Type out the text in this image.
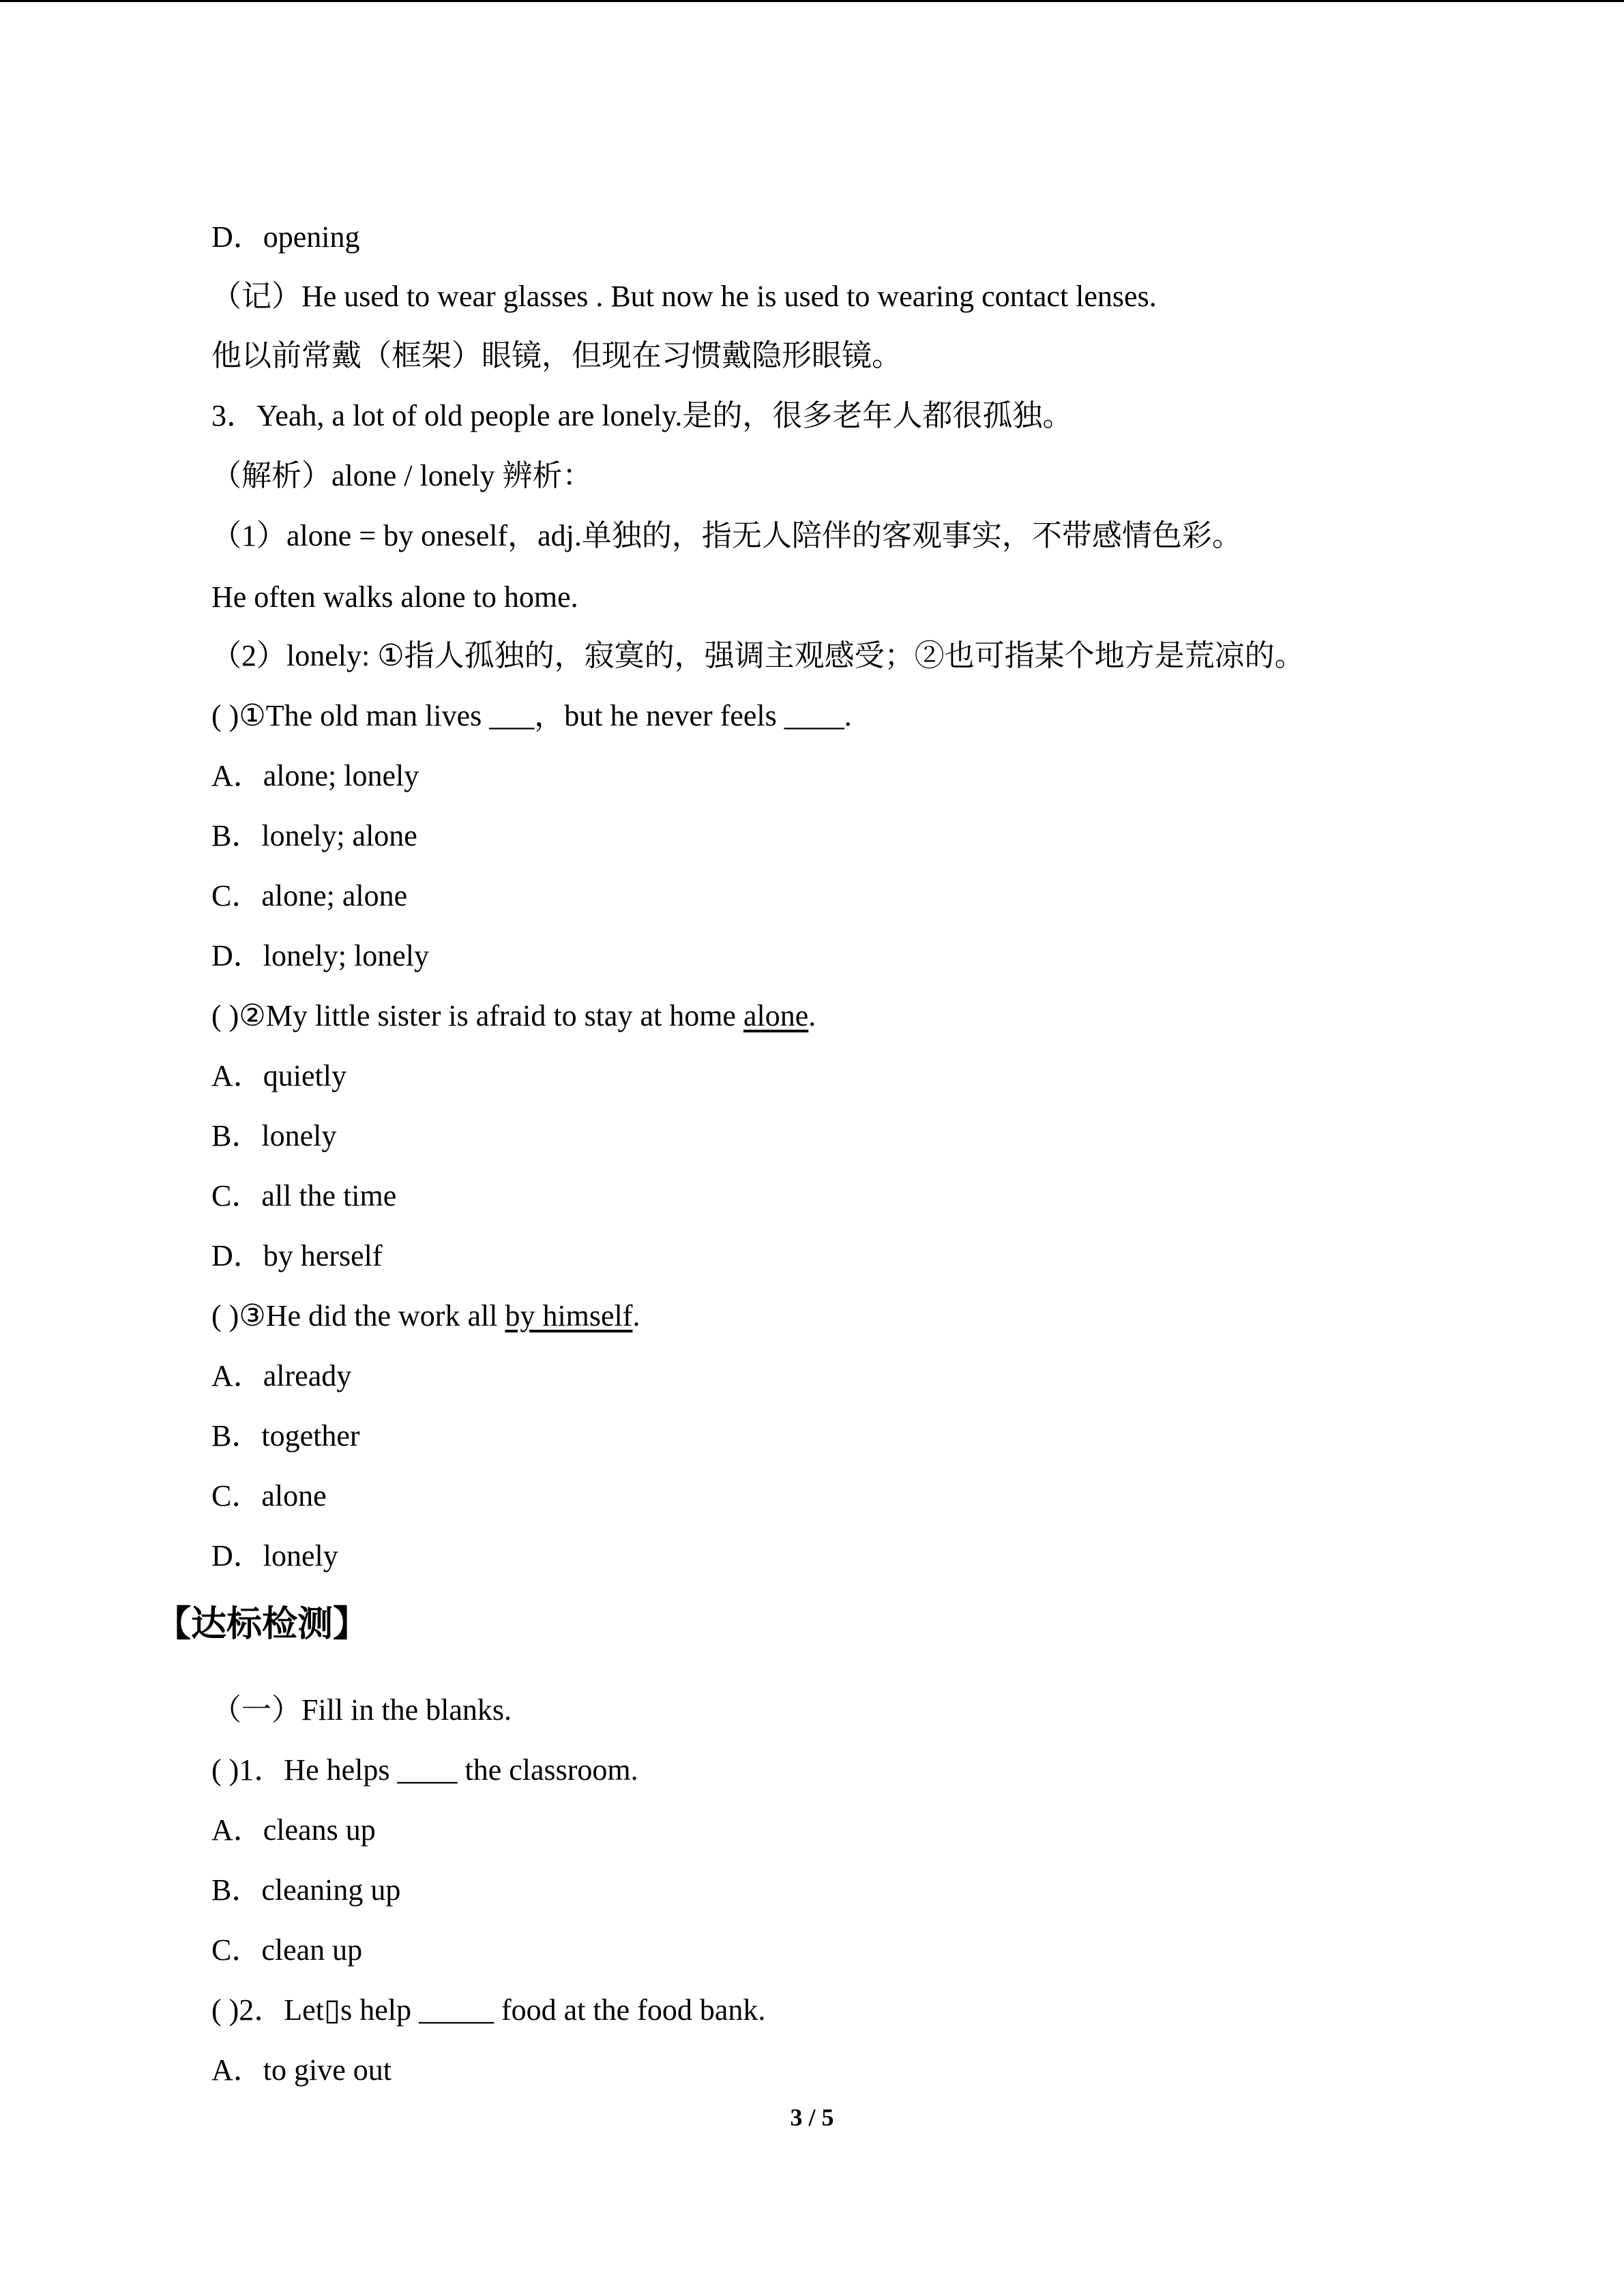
D．opening
（记）He used to wear glasses . But now he is used to wearing contact lenses.
他以前常戴（框架）眼镜，但现在习惯戴隐形眼镜。
3．Yeah, a lot of old people are lonely.是的，很多老年人都很孤独。
（解析）alone / lonely 辨析：
（1）alone = by oneself，adj.单独的，指无人陪伴的客观事实，不带感情色彩。
He often walks alone to home.
（2）lonely: ①指人孤独的，寂寞的，强调主观感受；②也可指某个地方是荒凉的。
( )①The old man lives ___，but he never feels ____.
A．alone; lonely
B．lonely; alone
C．alone; alone
D．lonely; lonely
( )②My little sister is afraid to stay at home alone.
A．quietly
B．lonely
C．all the time
D．by herself
( )③He did the work all by himself.
A．already
B．together
C．alone
D．lonely
【达标检测】
（一）Fill in the blanks.
( )1．He helps ____ the classroom.
A．cleans up
B．cleaning up
C．clean up
( )2．Let▯s help _____ food at the food bank.
A．to give out
3 / 5
